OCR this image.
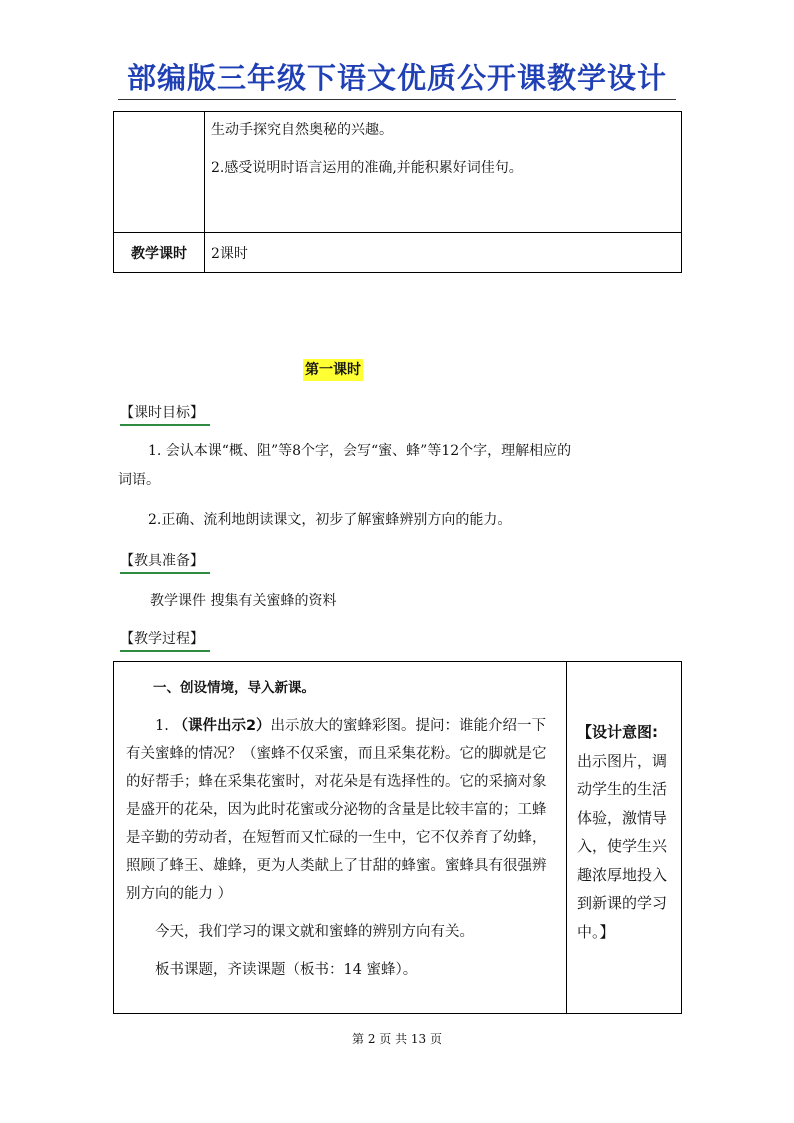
部编版三年级下语文优质公开课教学设计

	生动手探究自然奥秘的兴趣。

2.感受说明时语言运用的准确,并能积累好词佳句。

教学课时	2课时
第一课时
【课时目标】
1. 会认本课“概、阻”等8个字，会写“蜜、蜂”等12个字，理解相应的
词语。
2.正确、流利地朗读课文，初步了解蜜蜂辨别方向的能力。
【教具准备】
教学课件 搜集有关蜜蜂的资料
【教学过程】

一、创设情境，导入新课。

1. （课件出示2）出示放大的蜜蜂彩图。提问：谁能介绍一下有关蜜蜂的情况？（蜜蜂不仅采蜜，而且采集花粉。它的脚就是它的好帮手；蜂在采集花蜜时，对花朵是有选择性的。它的采摘对象是盛开的花朵，因为此时花蜜或分泌物的含量是比较丰富的；工蜂是辛勤的劳动者，在短暂而又忙碌的一生中，它不仅养育了幼蜂，照顾了蜂王、雄蜂，更为人类献上了甘甜的蜂蜜。蜜蜂具有很强辨别方向的能力 ）

今天，我们学习的课文就和蜜蜂的辨别方向有关。

板书课题，齐读课题（板书：14 蜜蜂）。

【设计意图:
出示图片，调动学生的生活体验，激情导入，使学生兴趣浓厚地投入到新课的学习中。】
第 2 页 共 13 页
